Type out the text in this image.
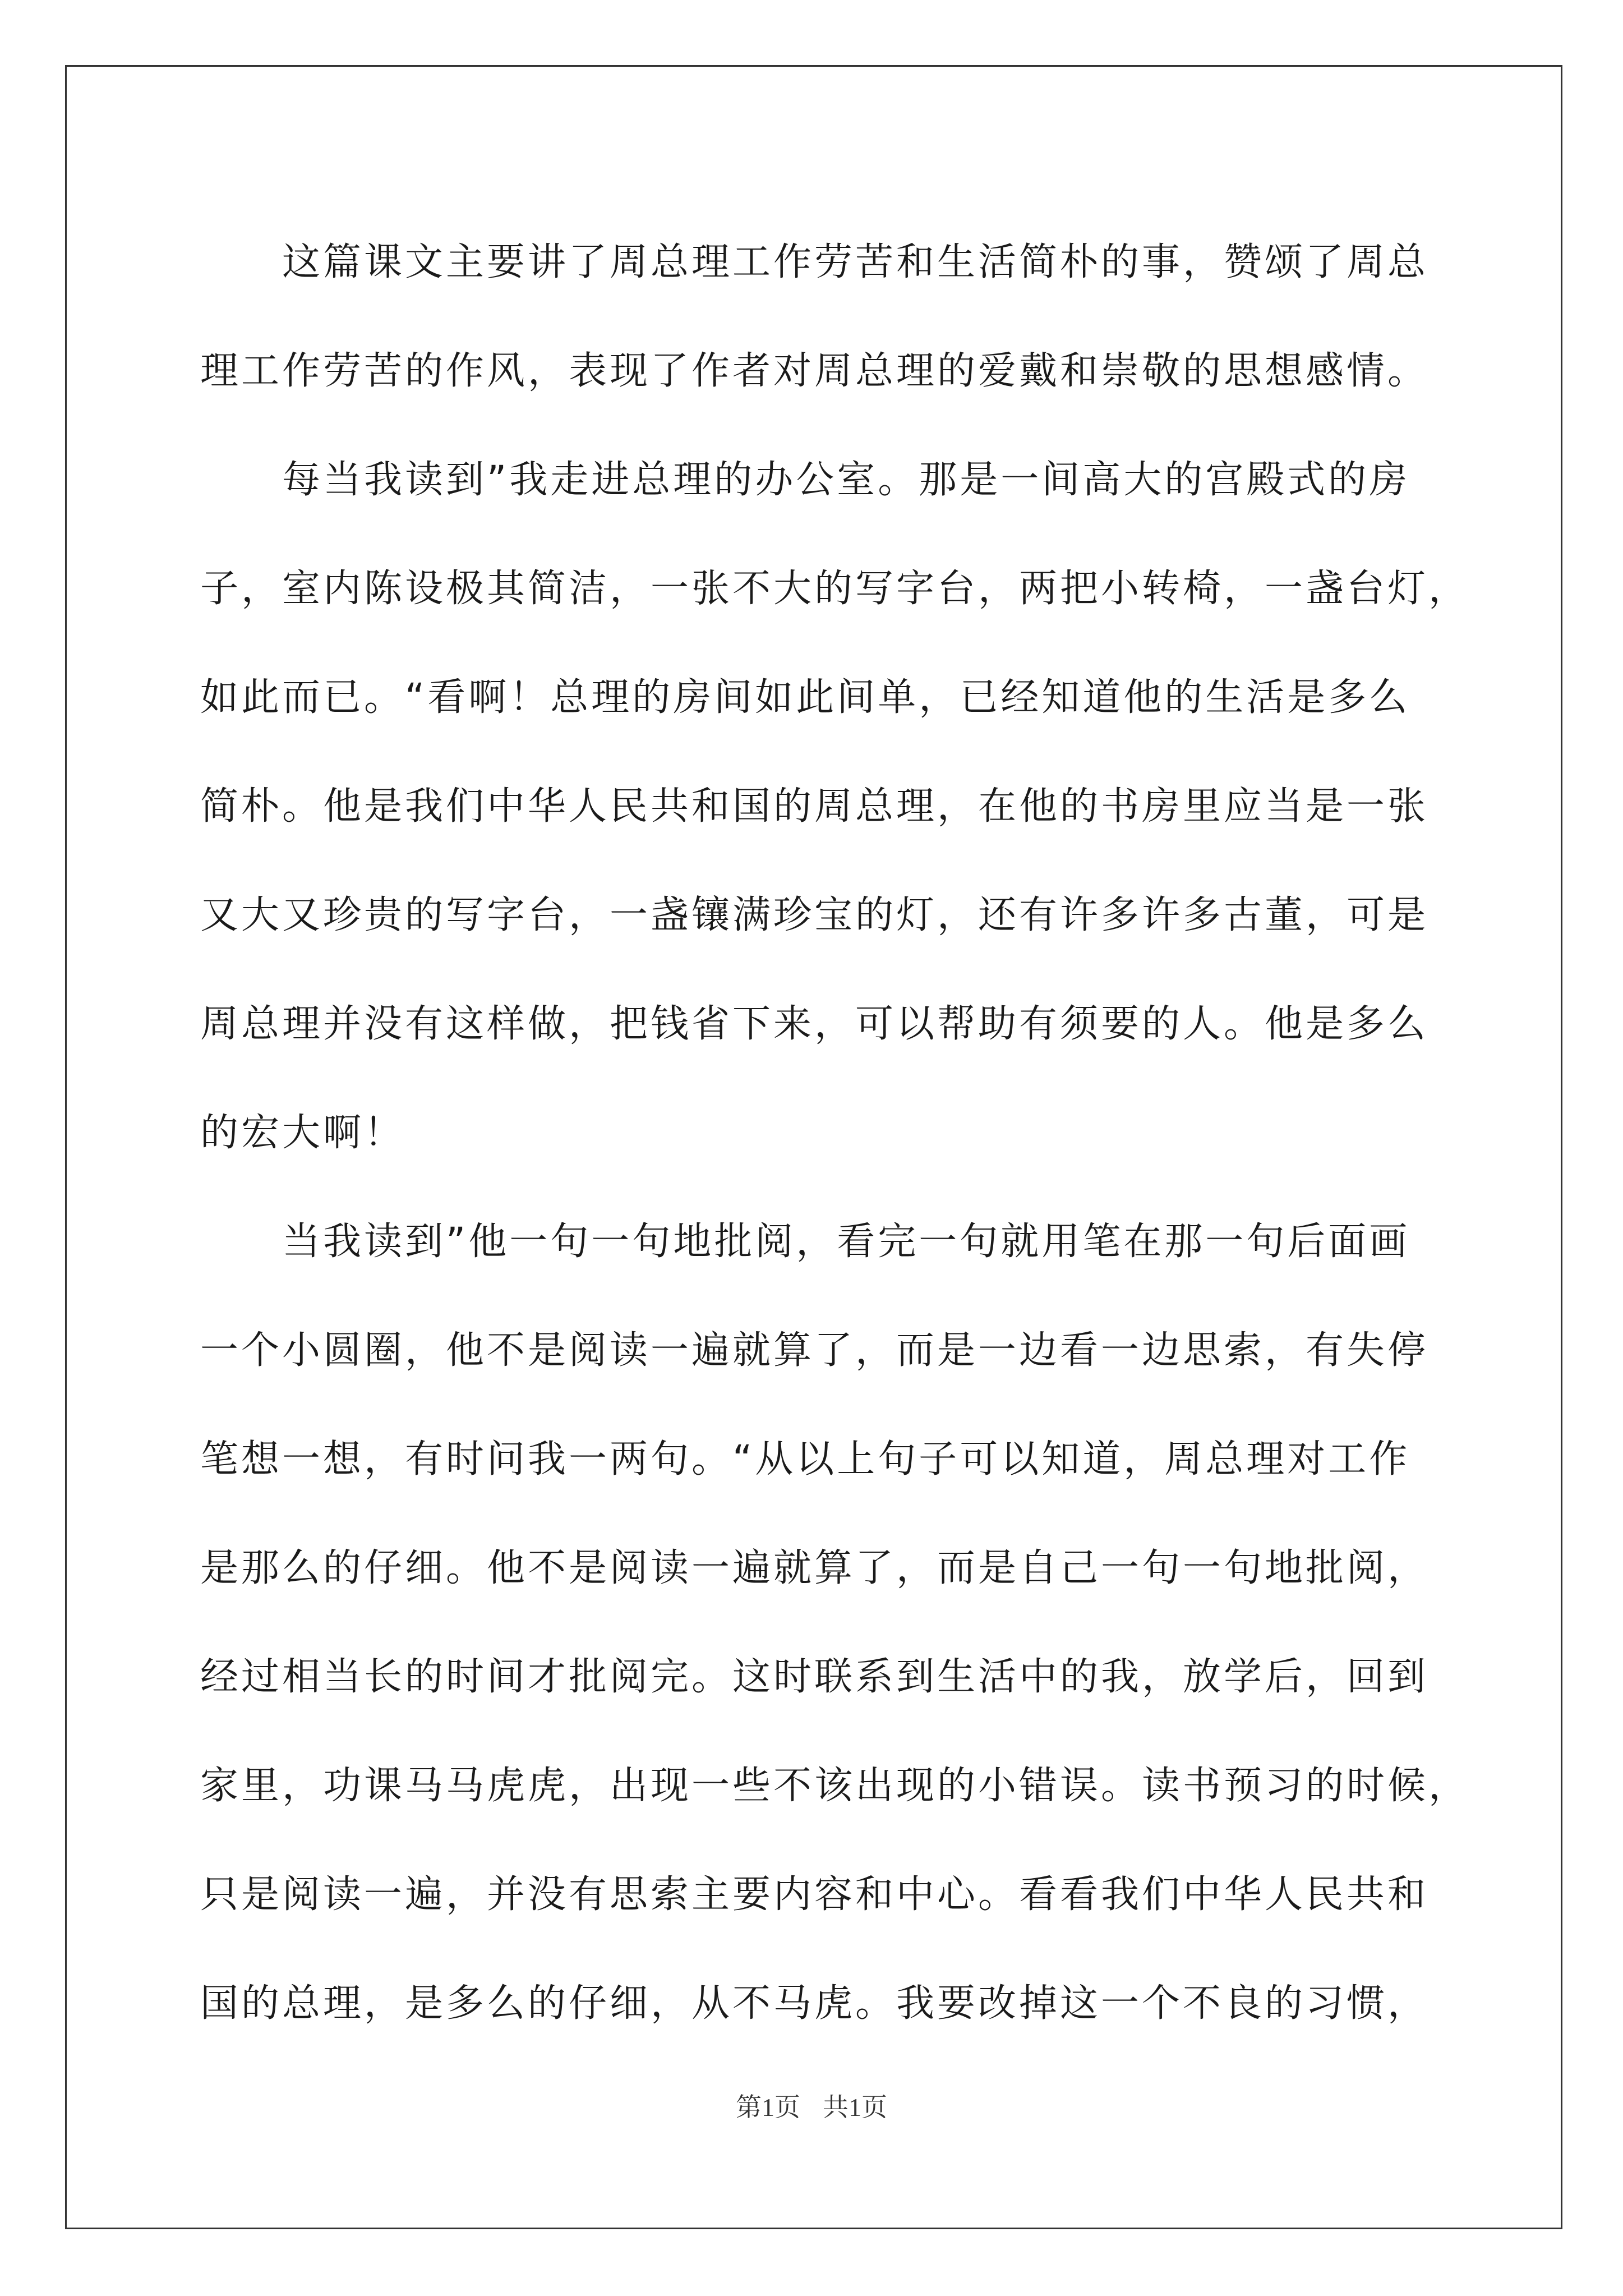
　　这篇课文主要讲了周总理工作劳苦和生活简朴的事，赞颂了周总
理工作劳苦的作风，表现了作者对周总理的爱戴和崇敬的思想感情。
　　每当我读到”我走进总理的办公室。那是一间高大的宫殿式的房
子，室内陈设极其简洁，一张不大的写字台，两把小转椅，一盏台灯，
如此而已。“看啊！总理的房间如此间单，已经知道他的生活是多么
简朴。他是我们中华人民共和国的周总理，在他的书房里应当是一张
又大又珍贵的写字台，一盏镶满珍宝的灯，还有许多许多古董，可是
周总理并没有这样做，把钱省下来，可以帮助有须要的人。他是多么
的宏大啊！
　　当我读到”他一句一句地批阅，看完一句就用笔在那一句后面画
一个小圆圈，他不是阅读一遍就算了，而是一边看一边思索，有失停
笔想一想，有时问我一两句。“从以上句子可以知道，周总理对工作
是那么的仔细。他不是阅读一遍就算了，而是自己一句一句地批阅，
经过相当长的时间才批阅完。这时联系到生活中的我，放学后，回到
家里，功课马马虎虎，出现一些不该出现的小错误。读书预习的时候，
只是阅读一遍，并没有思索主要内容和中心。看看我们中华人民共和
国的总理，是多么的仔细，从不马虎。我要改掉这一个不良的习惯，
第1页 共1页
